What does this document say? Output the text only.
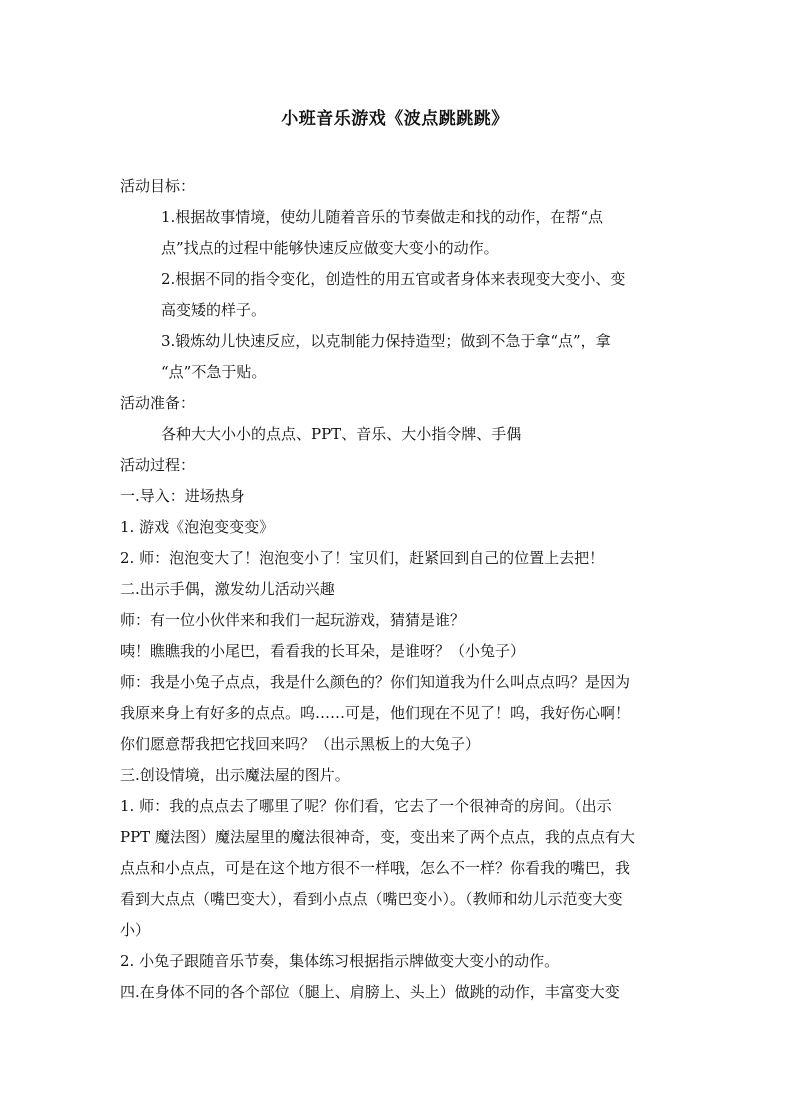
小班音乐游戏《波点跳跳跳》
活动目标：
1.根据故事情境，使幼儿随着音乐的节奏做走和找的动作，在帮“点
点”找点的过程中能够快速反应做变大变小的动作。
2.根据不同的指令变化，创造性的用五官或者身体来表现变大变小、变
高变矮的样子。
3.锻炼幼儿快速反应，以克制能力保持造型；做到不急于拿“点”，拿
“点”不急于贴。
活动准备：
各种大大小小的点点、PPT、音乐、大小指令牌、手偶
活动过程：
一.导入：进场热身
1. 游戏《泡泡变变变》
2. 师：泡泡变大了！泡泡变小了！宝贝们，赶紧回到自己的位置上去把！
二.出示手偶，激发幼儿活动兴趣
师：有一位小伙伴来和我们一起玩游戏，猜猜是谁？
咦！瞧瞧我的小尾巴，看看我的长耳朵，是谁呀？（小兔子）
师：我是小兔子点点，我是什么颜色的？你们知道我为什么叫点点吗？是因为
我原来身上有好多的点点。呜……可是，他们现在不见了！呜，我好伤心啊！
你们愿意帮我把它找回来吗？（出示黑板上的大兔子）
三.创设情境，出示魔法屋的图片。
1. 师：我的点点去了哪里了呢？你们看，它去了一个很神奇的房间。（出示
PPT 魔法图）魔法屋里的魔法很神奇，变，变出来了两个点点，我的点点有大
点点和小点点，可是在这个地方很不一样哦，怎么不一样？你看我的嘴巴，我
看到大点点（嘴巴变大），看到小点点（嘴巴变小）。（教师和幼儿示范变大变
小）
2. 小兔子跟随音乐节奏，集体练习根据指示牌做变大变小的动作。
四.在身体不同的各个部位（腿上、肩膀上、头上）做跳的动作，丰富变大变
